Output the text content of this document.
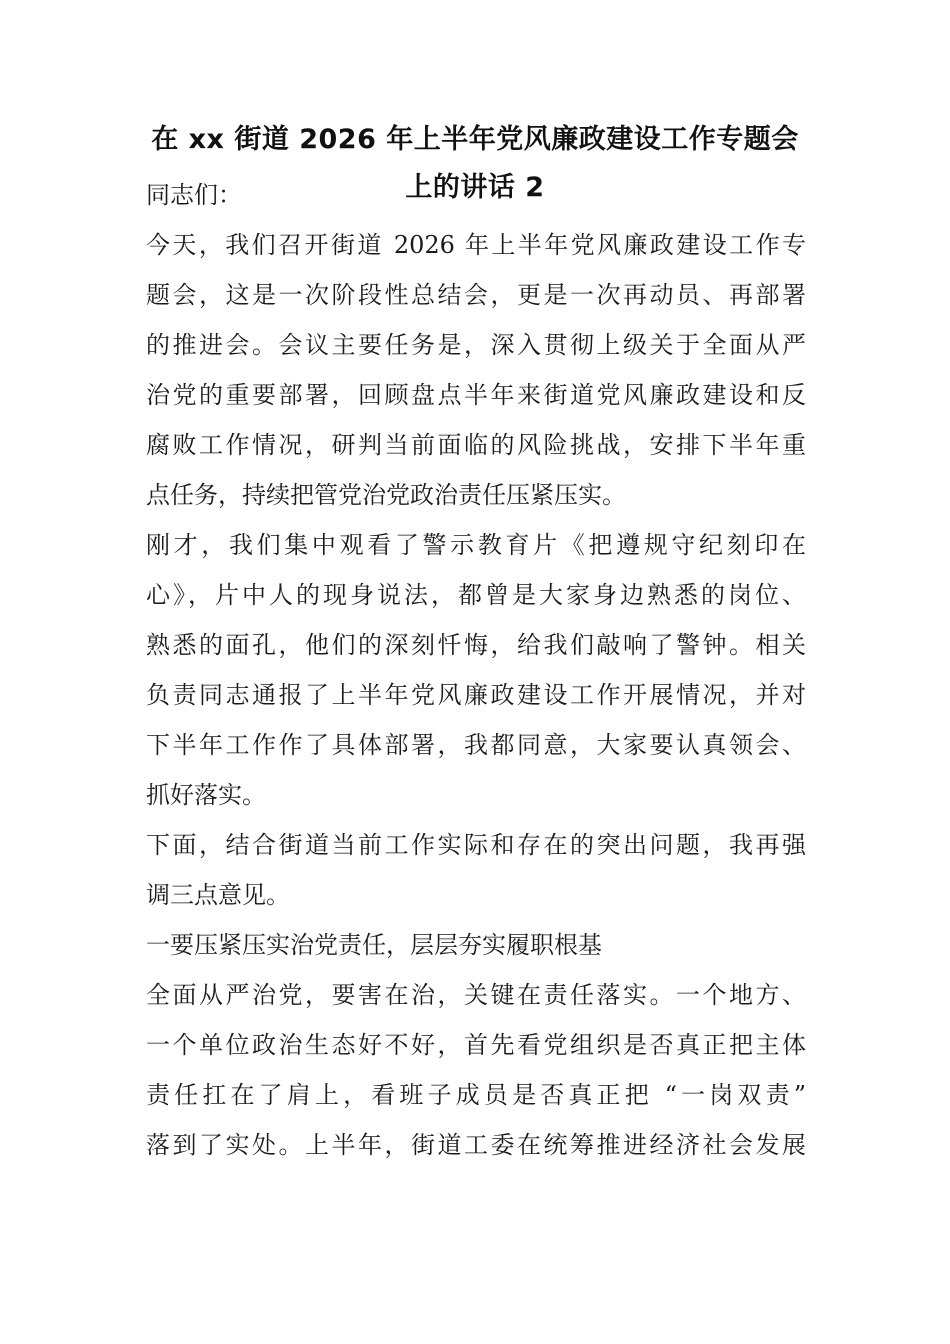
在 xx 街道 2026 年上半年党风廉政建设工作专题会
上的讲话 2
同志们：
今天，我们召开街道 2026 年上半年党风廉政建设工作专
题会，这是一次阶段性总结会，更是一次再动员、再部署
的推进会。会议主要任务是，深入贯彻上级关于全面从严
治党的重要部署，回顾盘点半年来街道党风廉政建设和反
腐败工作情况，研判当前面临的风险挑战，安排下半年重
点任务，持续把管党治党政治责任压紧压实。
刚才，我们集中观看了警示教育片《把遵规守纪刻印在
心》，片中人的现身说法，都曾是大家身边熟悉的岗位、
熟悉的面孔，他们的深刻忏悔，给我们敲响了警钟。相关
负责同志通报了上半年党风廉政建设工作开展情况，并对
下半年工作作了具体部署，我都同意，大家要认真领会、
抓好落实。
下面，结合街道当前工作实际和存在的突出问题，我再强
调三点意见。
一要压紧压实治党责任，层层夯实履职根基
全面从严治党，要害在治，关键在责任落实。一个地方、
一个单位政治生态好不好，首先看党组织是否真正把主体
责任扛在了肩上，看班子成员是否真正把 “一岗双责”
落到了实处。上半年，街道工委在统筹推进经济社会发展
